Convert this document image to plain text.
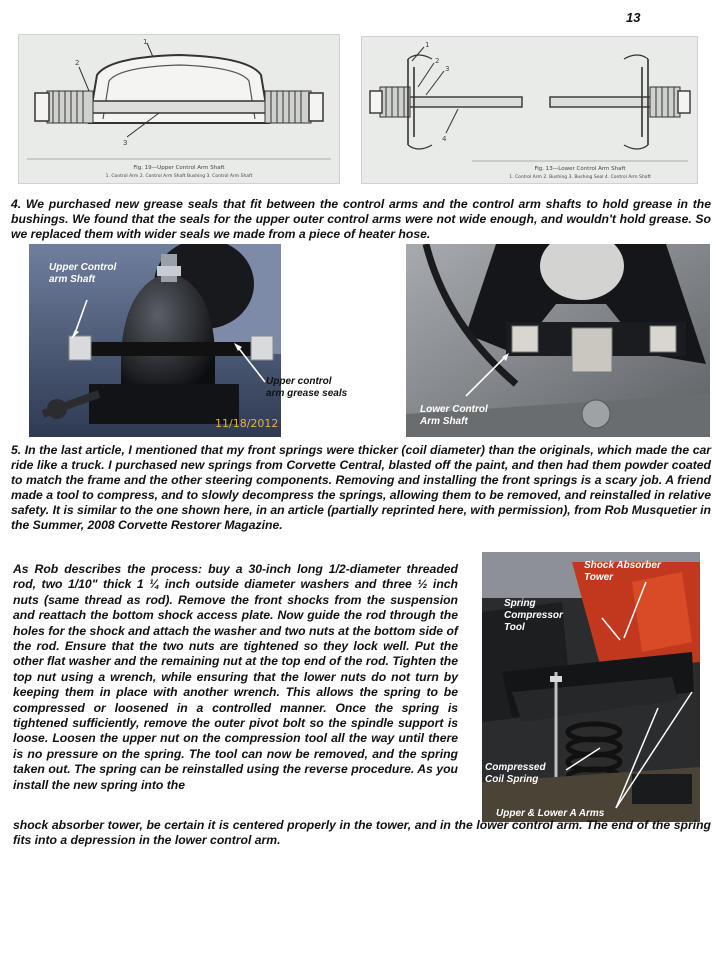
13
1
2
3
Fig. 19—Upper Control Arm Shaft
1. Control Arm 2. Control Arm Shaft Bushing 3. Control Arm Shaft
1
2
3
4
Fig. 13—Lower Control Arm Shaft
1. Control Arm 2. Bushing 3. Bushing Seal 4. Control Arm Shaft

4. We purchased new grease seals that fit between the control arms and the control arm shafts to hold grease in the bushings. We found that the seals for the upper outer control arms were not wide enough, and wouldn't hold grease. So we replaced them with wider seals we made from a piece of heater hose.

Upper Control arm Shaft
11/18/2012
Upper control arm grease seals
Lower Control Arm Shaft

5. In the last article, I mentioned that my front springs were thicker (coil diameter) than the originals, which made the car ride like a truck. I purchased new springs from Corvette Central, blasted off the paint, and then had them powder coated to match the frame and the other steering components. Removing and installing the front springs is a scary job. A friend made a tool to compress, and to slowly decompress the springs, allowing them to be removed, and reinstalled in relative safety. It is similar to the one shown here, in an article (partially reprinted here, with permission), from Rob Musquetier in the Summer, 2008 Corvette Restorer Magazine.

As Rob describes the process: buy a 30-inch long 1/2-diameter threaded rod, two 1/10" thick 1 ¼ inch outside diameter washers and three ½ inch nuts (same thread as rod). Remove the front shocks from the suspension and reattach the bottom shock access plate. Now guide the rod through the holes for the shock and attach the washer and two nuts at the bottom side of the rod. Ensure that the two nuts are tightened so they lock well. Put the other flat washer and the remaining nut at the top end of the rod. Tighten the top nut using a wrench, while ensuring that the lower nuts do not turn by keeping them in place with another wrench. This allows the spring to be compressed or loosened in a controlled manner. Once the spring is tightened sufficiently, remove the outer pivot bolt so the spindle support is loose. Loosen the upper nut on the compression tool all the way until there is no pressure on the spring. The tool can now be removed, and the spring taken out. The spring can be reinstalled using the reverse procedure. As you install the new spring into the

Shock Absorber Tower
Spring Compressor Tool
Compressed Coil Spring
Upper & Lower A Arms

shock absorber tower, be certain it is centered properly in the tower, and in the lower control arm. The end of the spring fits into a depression in the lower control arm.
